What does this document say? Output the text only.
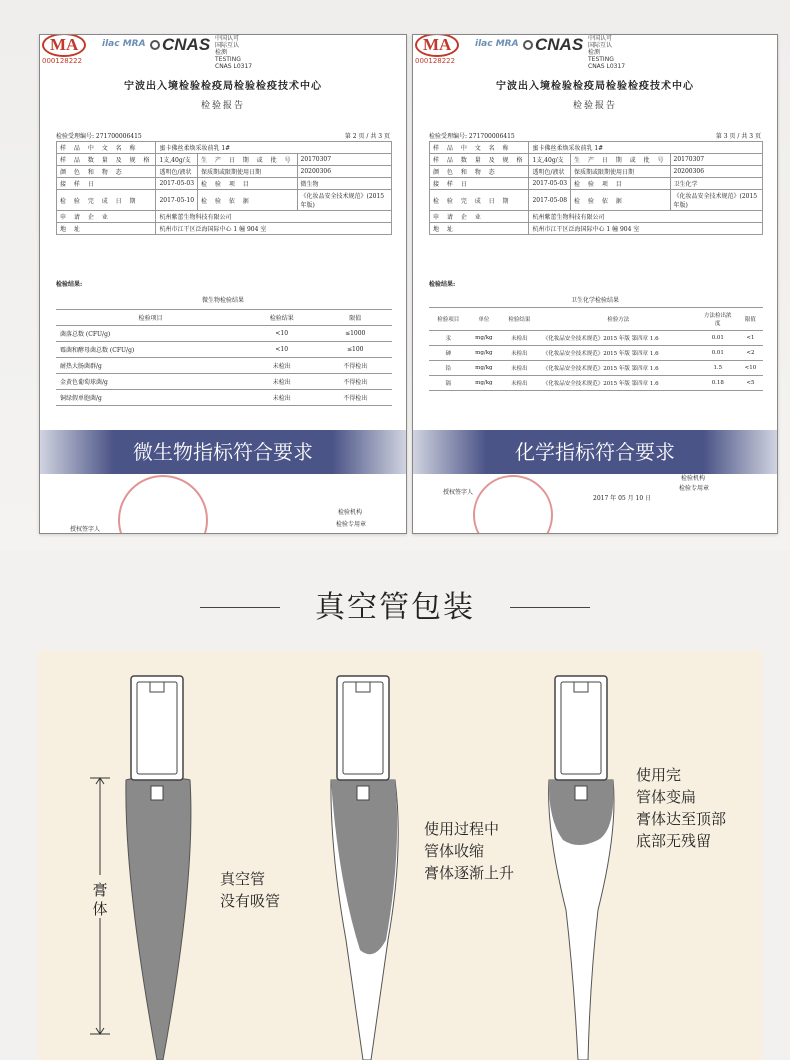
MA
000128222
ilac MRA CNAS 中国认可
国际互认
检测
TESTING
CNAS L0317
宁波出入境检验检疫局检验检疫技术中心
检验报告
检验受理编号: 271700006415	第 2 页 / 共 3 页
样 品 中 文 名 称	蜜卡佛丝柔焕采妆前乳 1#		
样 品 数 量 及 规 格	1支,40g/支	生 产 日 期 或 批 号	20170307
颜 色 和 物 态	透明色/液状	保质期或限期使用日期	20200306
接 样 日	2017-05-03	检 验 项 目	微生物
检 验 完 成 日 期	2017-05-10	检 验 依 据	《化妆品安全技术规范》(2015 年版)
申 请 企 业	杭州紫蕾生物科技有限公司		
地 址	杭州市江干区泛海国际中心 1 幢 904 室		
检验结果:
微生物检验结果
检验项目	检验结果	限值
菌落总数 (CFU/g)	<10	≤1000
霉菌和酵母菌总数 (CFU/g)	<10	≤100
耐热大肠菌群/g	未检出	不得检出
金黄色葡萄球菌/g	未检出	不得检出
铜绿假单胞菌/g	未检出	不得检出
微生物指标符合要求
授权签字人
检验机构
检验专用章
MA
000128222
ilac MRA CNAS 中国认可
国际互认
检测
TESTING
CNAS L0317
宁波出入境检验检疫局检验检疫技术中心
检验报告
检验受理编号: 271700006415	第 3 页 / 共 3 页
样 品 中 文 名 称	蜜卡佛丝柔焕采妆前乳 1#		
样 品 数 量 及 规 格	1支,40g/支	生 产 日 期 或 批 号	20170307
颜 色 和 物 态	透明色/液状	保质期或限期使用日期	20200306
接 样 日	2017-05-03	检 验 项 目	卫生化学
检 验 完 成 日 期	2017-05-08	检 验 依 据	《化妆品安全技术规范》(2015 年版)
申 请 企 业	杭州紫蕾生物科技有限公司		
地 址	杭州市江干区泛海国际中心 1 幢 904 室		
检验结果:
卫生化学检验结果
检验项目	单位	检验结果	检验方法	方法检出浓度	限值
汞	mg/kg	未检出	《化妆品安全技术规范》2015 年版 第四章 1.6	0.01	<1
砷	mg/kg	未检出	《化妆品安全技术规范》2015 年版 第四章 1.6	0.01	<2
铅	mg/kg	未检出	《化妆品安全技术规范》2015 年版 第四章 1.6	1.5	<10
镉	mg/kg	未检出	《化妆品安全技术规范》2015 年版 第四章 1.6	0.18	<5
化学指标符合要求
授权签字人
2017 年 05 月 10 日
检验机构
检验专用章
真空管包装
膏
体
真空管
没有吸管
使用过程中
管体收缩
膏体逐渐上升
使用完
管体变扁
膏体达至顶部
底部无残留
